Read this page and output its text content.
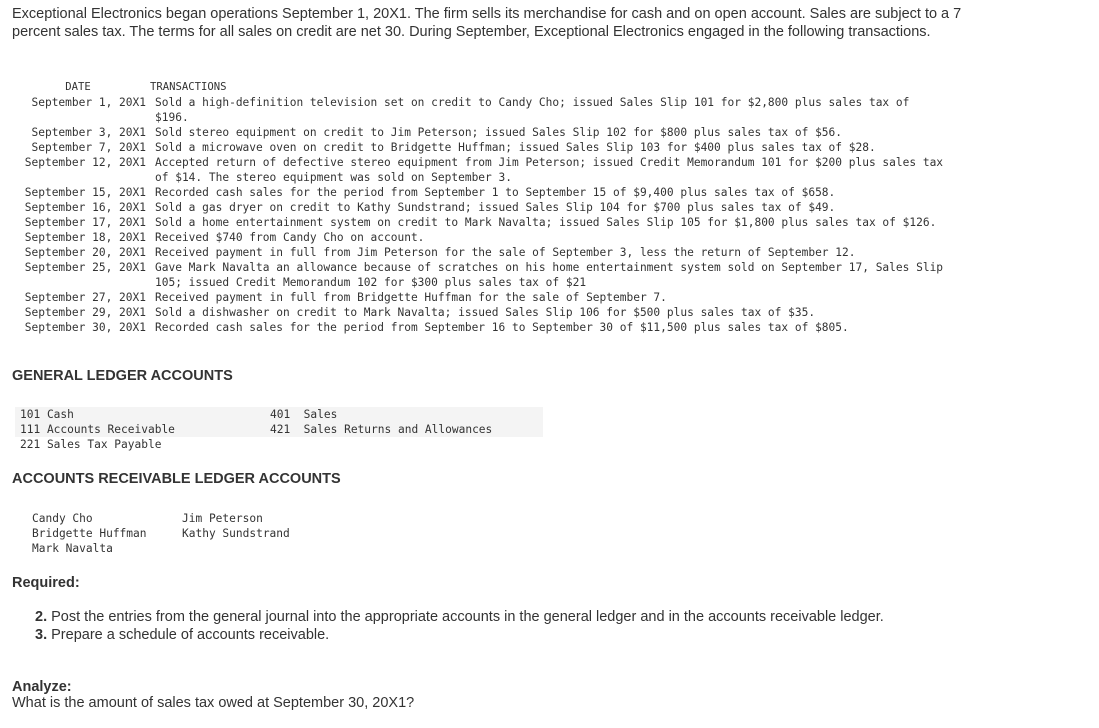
Exceptional Electronics began operations September 1, 20X1. The firm sells its merchandise for cash and on open account. Sales are subject to a 7 percent sales tax. The terms for all sales on credit are net 30. During September, Exceptional Electronics engaged in the following transactions.

DATE	TRANSACTIONS
September 1, 20X1	Sold a high-definition television set on credit to Candy Cho; issued Sales Slip 101 for $2,800 plus sales tax of $196.
September 3, 20X1	Sold stereo equipment on credit to Jim Peterson; issued Sales Slip 102 for $800 plus sales tax of $56.
September 7, 20X1	Sold a microwave oven on credit to Bridgette Huffman; issued Sales Slip 103 for $400 plus sales tax of $28.
September 12, 20X1	Accepted return of defective stereo equipment from Jim Peterson; issued Credit Memorandum 101 for $200 plus sales tax of $14. The stereo equipment was sold on September 3.
September 15, 20X1	Recorded cash sales for the period from September 1 to September 15 of $9,400 plus sales tax of $658.
September 16, 20X1	Sold a gas dryer on credit to Kathy Sundstrand; issued Sales Slip 104 for $700 plus sales tax of $49.
September 17, 20X1	Sold a home entertainment system on credit to Mark Navalta; issued Sales Slip 105 for $1,800 plus sales tax of $126.
September 18, 20X1	Received $740 from Candy Cho on account.
September 20, 20X1	Received payment in full from Jim Peterson for the sale of September 3, less the return of September 12.
September 25, 20X1	Gave Mark Navalta an allowance because of scratches on his home entertainment system sold on September 17, Sales Slip 105; issued Credit Memorandum 102 for $300 plus sales tax of $21
September 27, 20X1	Received payment in full from Bridgette Huffman for the sale of September 7.
September 29, 20X1	Sold a dishwasher on credit to Mark Navalta; issued Sales Slip 106 for $500 plus sales tax of $35.
September 30, 20X1	Recorded cash sales for the period from September 16 to September 30 of $11,500 plus sales tax of $805.

GENERAL LEDGER ACCOUNTS

101 Cash
111 Accounts Receivable
221 Sales Tax Payable
401  Sales
421  Sales Returns and Allowances

ACCOUNTS RECEIVABLE LEDGER ACCOUNTS

Candy Cho
Bridgette Huffman
Mark Navalta
Jim Peterson
Kathy Sundstrand

Required:

2. Post the entries from the general journal into the appropriate accounts in the general ledger and in the accounts receivable ledger.
3. Prepare a schedule of accounts receivable.

Analyze:

What is the amount of sales tax owed at September 30, 20X1?
